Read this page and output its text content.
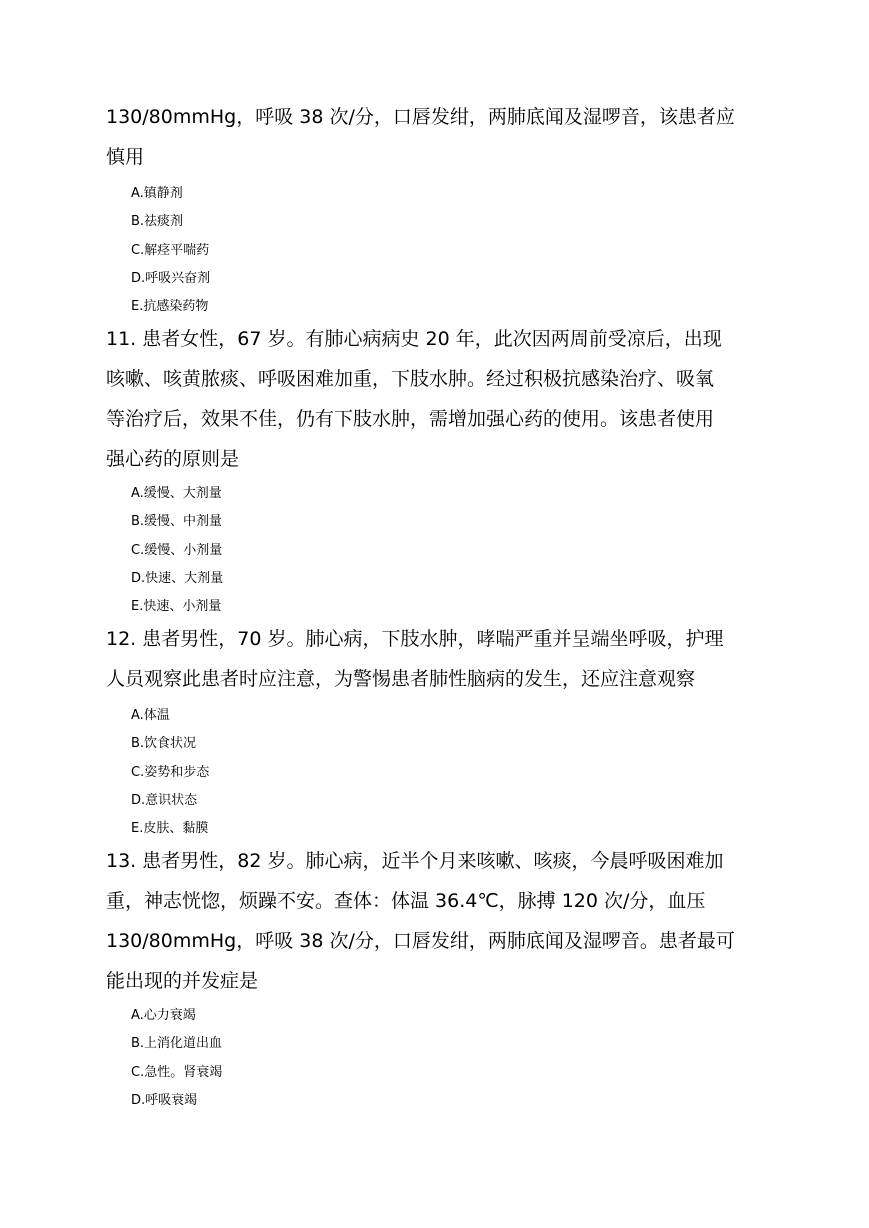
130/80mmHg，呼吸 38 次/分，口唇发绀，两肺底闻及湿啰音，该患者应
慎用
A.镇静剂
B.祛痰剂
C.解痉平喘药
D.呼吸兴奋剂
E.抗感染药物
11. 患者女性，67 岁。有肺心病病史 20 年，此次因两周前受凉后，出现
咳嗽、咳黄脓痰、呼吸困难加重，下肢水肿。经过积极抗感染治疗、吸氧
等治疗后，效果不佳，仍有下肢水肿，需增加强心药的使用。该患者使用
强心药的原则是
A.缓慢、大剂量
B.缓慢、中剂量
C.缓慢、小剂量
D.快速、大剂量
E.快速、小剂量
12. 患者男性，70 岁。肺心病，下肢水肿，哮喘严重并呈端坐呼吸，护理
人员观察此患者时应注意，为警惕患者肺性脑病的发生，还应注意观察
A.体温
B.饮食状况
C.姿势和步态
D.意识状态
E.皮肤、黏膜
13. 患者男性，82 岁。肺心病，近半个月来咳嗽、咳痰，今晨呼吸困难加
重，神志恍惚，烦躁不安。查体：体温 36.4℃，脉搏 120 次/分，血压
130/80mmHg，呼吸 38 次/分，口唇发绀，两肺底闻及湿啰音。患者最可
能出现的并发症是
A.心力衰竭
B.上消化道出血
C.急性。肾衰竭
D.呼吸衰竭
